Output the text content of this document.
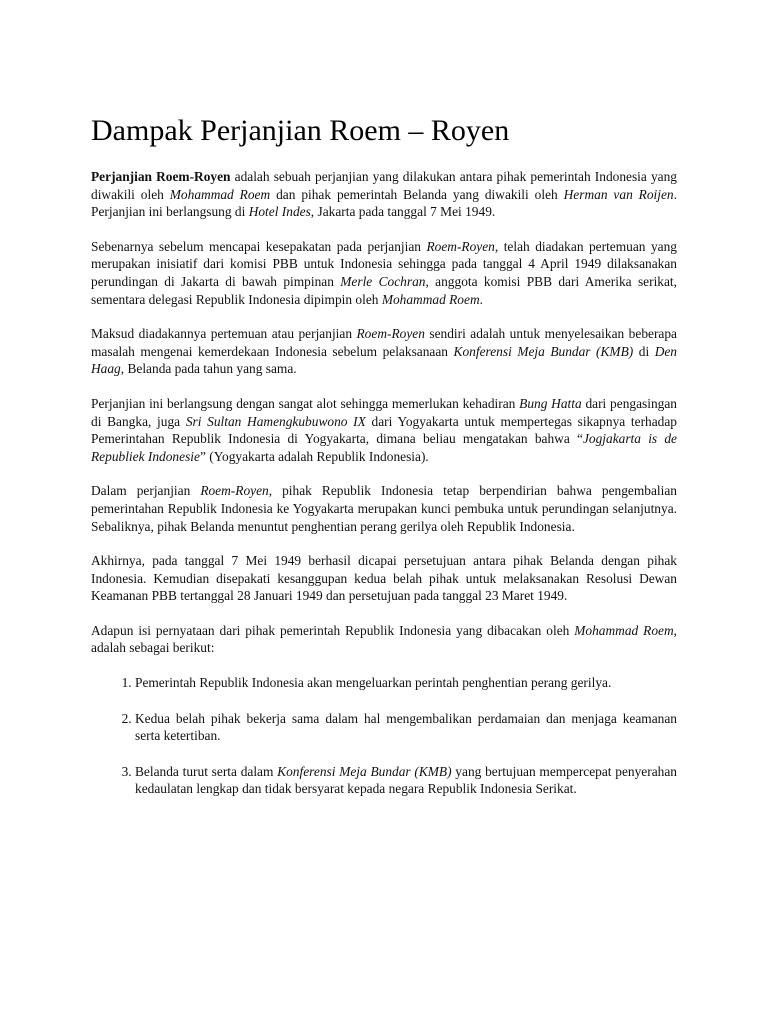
Dampak Perjanjian Roem – Royen

Perjanjian Roem-Royen adalah sebuah perjanjian yang dilakukan antara pihak pemerintah Indonesia yang diwakili oleh Mohammad Roem dan pihak pemerintah Belanda yang diwakili oleh Herman van Roijen. Perjanjian ini berlangsung di Hotel Indes, Jakarta pada tanggal 7 Mei 1949.

Sebenarnya sebelum mencapai kesepakatan pada perjanjian Roem-Royen, telah diadakan pertemuan yang merupakan inisiatif dari komisi PBB untuk Indonesia sehingga pada tanggal 4 April 1949 dilaksanakan perundingan di Jakarta di bawah pimpinan Merle Cochran, anggota komisi PBB dari Amerika serikat, sementara delegasi Republik Indonesia dipimpin oleh Mohammad Roem.

Maksud diadakannya pertemuan atau perjanjian Roem-Royen sendiri adalah untuk menyelesaikan beberapa masalah mengenai kemerdekaan Indonesia sebelum pelaksanaan Konferensi Meja Bundar (KMB) di Den Haag, Belanda pada tahun yang sama.

Perjanjian ini berlangsung dengan sangat alot sehingga memerlukan kehadiran Bung Hatta dari pengasingan di Bangka, juga Sri Sultan Hamengkubuwono IX dari Yogyakarta untuk mempertegas sikapnya terhadap Pemerintahan Republik Indonesia di Yogyakarta, dimana beliau mengatakan bahwa “Jogjakarta is de Republiek Indonesie” (Yogyakarta adalah Republik Indonesia).

Dalam perjanjian Roem-Royen, pihak Republik Indonesia tetap berpendirian bahwa pengembalian pemerintahan Republik Indonesia ke Yogyakarta merupakan kunci pembuka untuk perundingan selanjutnya. Sebaliknya, pihak Belanda menuntut penghentian perang gerilya oleh Republik Indonesia.

Akhirnya, pada tanggal 7 Mei 1949 berhasil dicapai persetujuan antara pihak Belanda dengan pihak Indonesia. Kemudian disepakati kesanggupan kedua belah pihak untuk melaksanakan Resolusi Dewan Keamanan PBB tertanggal 28 Januari 1949 dan persetujuan pada tanggal 23 Maret 1949.

Adapun isi pernyataan dari pihak pemerintah Republik Indonesia yang dibacakan oleh Mohammad Roem, adalah sebagai berikut:

1. Pemerintah Republik Indonesia akan mengeluarkan perintah penghentian perang gerilya.
2. Kedua belah pihak bekerja sama dalam hal mengembalikan perdamaian dan menjaga keamanan serta ketertiban.
3. Belanda turut serta dalam Konferensi Meja Bundar (KMB) yang bertujuan mempercepat penyerahan kedaulatan lengkap dan tidak bersyarat kepada negara Republik Indonesia Serikat.
